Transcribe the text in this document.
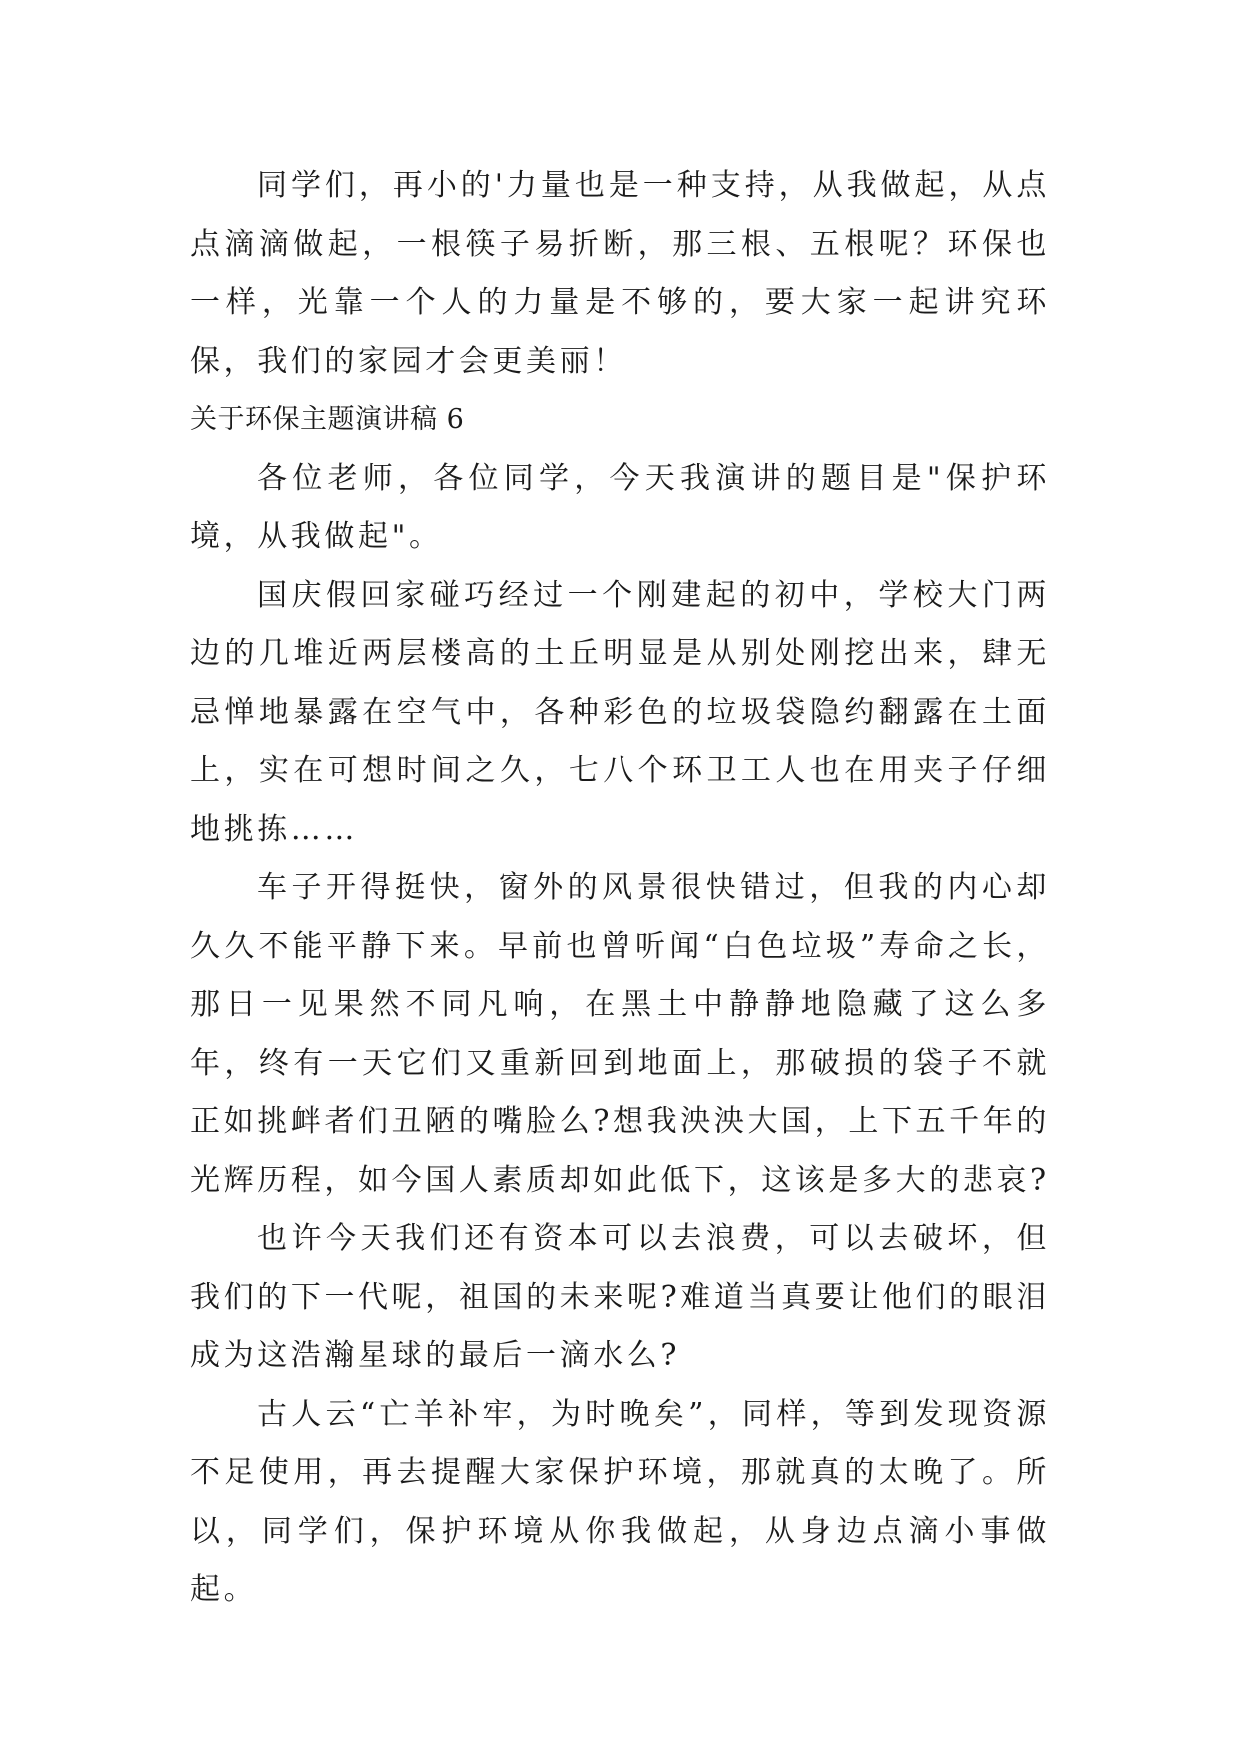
同学们，再小的'力量也是一种支持，从我做起，从点点滴滴做起，一根筷子易折断，那三根、五根呢？环保也一样，光靠一个人的力量是不够的，要大家一起讲究环保，我们的家园才会更美丽！

关于环保主题演讲稿 6

各位老师，各位同学，今天我演讲的题目是"保护环境，从我做起"。

国庆假回家碰巧经过一个刚建起的初中，学校大门两边的几堆近两层楼高的土丘明显是从别处刚挖出来，肆无忌惮地暴露在空气中，各种彩色的垃圾袋隐约翻露在土面上，实在可想时间之久，七八个环卫工人也在用夹子仔细地挑拣……

车子开得挺快，窗外的风景很快错过，但我的内心却久久不能平静下来。早前也曾听闻“白色垃圾”寿命之长，那日一见果然不同凡响，在黑土中静静地隐藏了这么多年，终有一天它们又重新回到地面上，那破损的袋子不就正如挑衅者们丑陋的嘴脸么?想我泱泱大国，上下五千年的光辉历程，如今国人素质却如此低下，这该是多大的悲哀?

也许今天我们还有资本可以去浪费，可以去破坏，但我们的下一代呢，祖国的未来呢?难道当真要让他们的眼泪成为这浩瀚星球的最后一滴水么?

古人云“亡羊补牢，为时晚矣”，同样，等到发现资源不足使用，再去提醒大家保护环境，那就真的太晚了。所以，同学们，保护环境从你我做起，从身边点滴小事做起。
